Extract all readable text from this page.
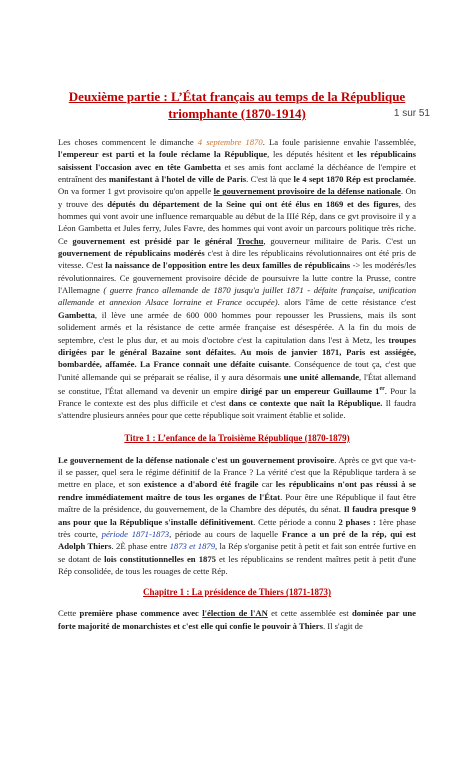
1 sur 51
Deuxième partie : L’État français au temps de la République triomphante (1870-1914)

Les choses commencent le dimanche 4 septembre 1870. La foule parisienne envahie l'assemblée, l'empereur est parti et la foule réclame la République, les députés hésitent et les républicains saisissent l'occasion avec en tête Gambetta et ses amis font acclamé la déchéance de l'empire et entraînent des manifestant à l'hotel de ville de Paris. C'est là que le 4 sept 1870 Rép est proclamée. On va former 1 gvt provisoire qu'on appelle le gouvernement provisoire de la défense nationale. On y trouve des députés du département de la Seine qui ont été élus en 1869 et des figures, des hommes qui vont avoir une influence remarquable au début de la IIIé Rép, dans ce gvt provisoire il y a Léon Gambetta et Jules ferry, Jules Favre, des hommes qui vont avoir un parcours politique très riche. Ce gouvernement est présidé par le général Trochu, gouverneur militaire de Paris. C'est un gouvernement de républicains modérés c'est à dire les républicains révolutionnaires ont été pris de vitesse. C'est la naissance de l'opposition entre les deux familles de républicains -> les modérés/les révolutionnaires. Ce gouvernement provisoire décide de poursuivre la lutte contre la Prusse, contre l'Allemagne ( guerre franco allemande de 1870 jusqu'a juillet 1871 - défaite française, unification allemande et annexion Alsace lorraine et France occupée). alors l'âme de cette résistance c'est Gambetta, il lève une armée de 600 000 hommes pour repousser les Prussiens, mais ils sont solidement armés et la résistance de cette armée française est désespérée. A la fin du mois de septembre, c'est le plus dur, et au mois d'octobre c'est la capitulation dans l'est à Metz, les troupes dirigées par le général Bazaine sont défaites. Au mois de janvier 1871, Paris est assiégée, bombardée, affamée. La France connaît une défaite cuisante. Conséquence de tout ça, c'est que l'unité allemande qui se préparait se réalise, il y aura désormais une unité allemande, l'État allemand se constitue, l'État allemand va devenir un empire dirigé par un empereur Guillaume 1er. Pour la France le contexte est des plus difficile et c'est dans ce contexte que naît la République. Il faudra s'attendre plusieurs années pour que cette république soit vraiment établie et solide.

Titre 1 : L’enfance de la Troisième République (1870-1879)

Le gouvernement de la défense nationale c'est un gouvernement provisoire. Après ce gvt que va-t-il se passer, quel sera le régime définitif de la France ? La vérité c'est que la République tardera à se mettre en place, et son existence a d'abord été fragile car les républicains n'ont pas réussi à se rendre immédiatement maître de tous les organes de l'État. Pour être une République il faut être maître de la présidence, du gouvernement, de la Chambre des députés, du sénat. Il faudra presque 9 ans pour que la République s'installe définitivement. Cette période a connu 2 phases : 1ère phase très courte, période 1871-1873, période au cours de laquelle France a un pré de la rép, qui est Adolph Thiers. 2È phase entre 1873 et 1879, la Rép s'organise petit à petit et fait son entrée furtive en se dotant de lois constitutionnelles en 1875 et les républicains se rendent maîtres petit à petit d'une Rép consolidée, de tous les rouages de cette Rép.

Chapitre 1 : La présidence de Thiers (1871-1873)

Cette première phase commence avec l'élection de l'AN et cette assemblée est dominée par une forte majorité de monarchistes et c'est elle qui confie le pouvoir à Thiers. Il s'agit de
